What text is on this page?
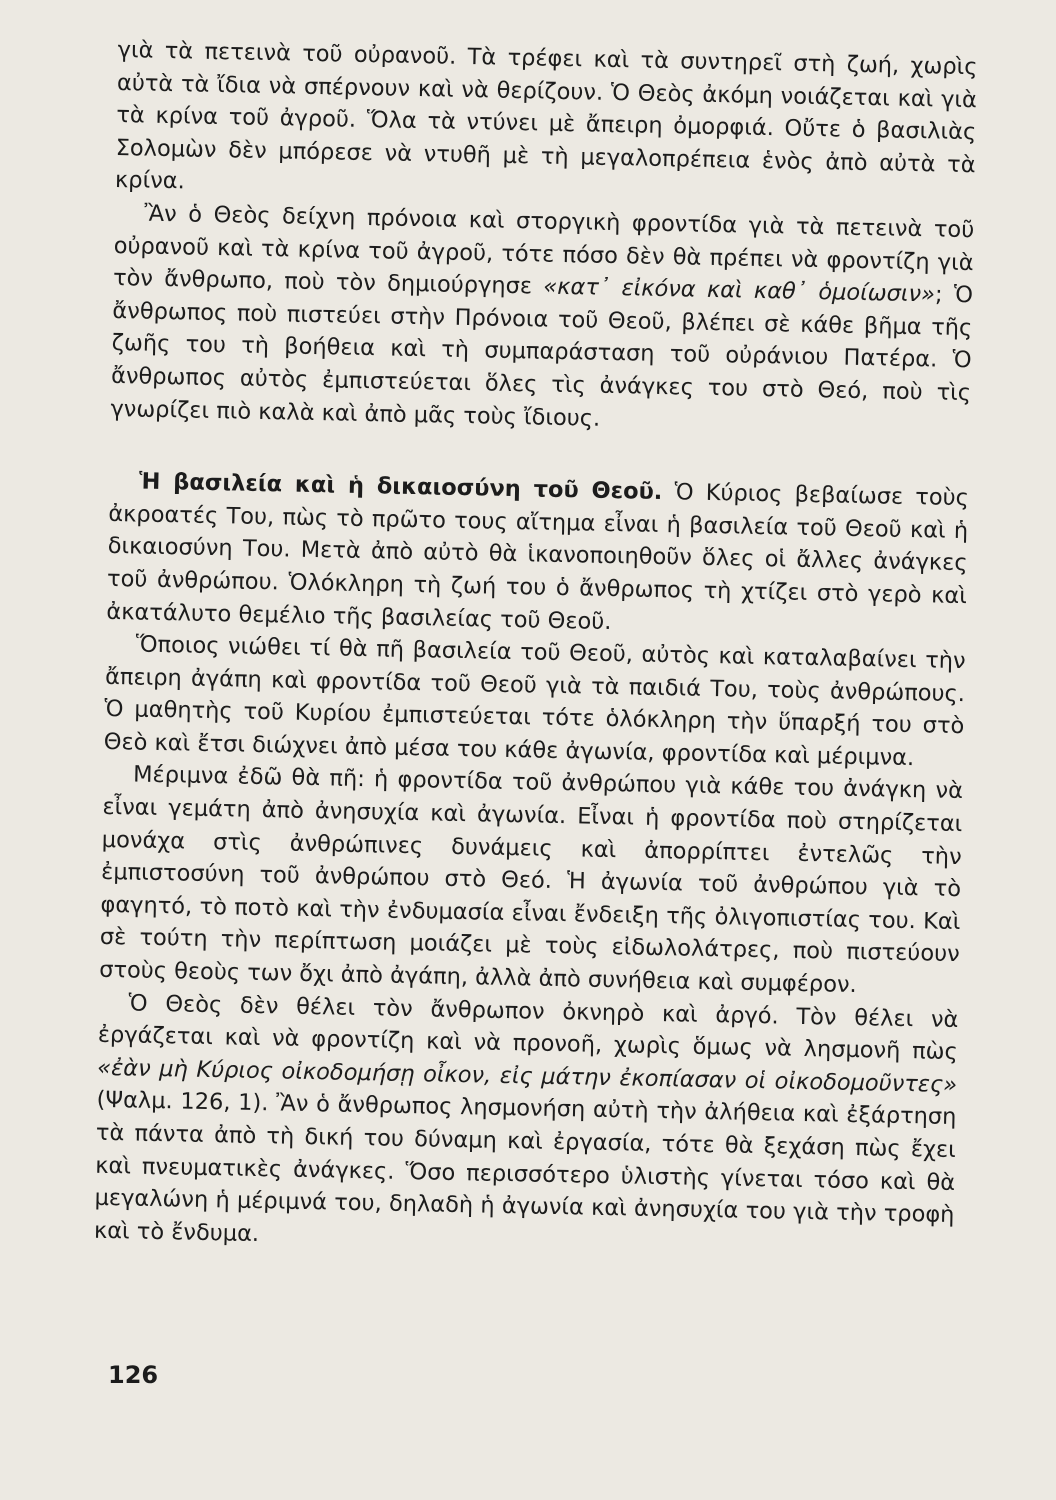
γιὰ τὰ πετεινὰ τοῦ οὐρανοῦ. Τὰ τρέφει καὶ τὰ συντηρεῖ στὴ ζωή, χωρὶς αὐτὰ τὰ ἴδια νὰ σπέρνουν καὶ νὰ θερίζουν. Ὁ Θεὸς ἀκόμη νοιάζεται καὶ γιὰ τὰ κρίνα τοῦ ἀγροῦ. Ὅλα τὰ ντύνει μὲ ἄπειρη ὀμορφιά. Οὔτε ὁ βασιλιὰς Σολομὼν δὲν μπόρεσε νὰ ντυθῆ μὲ τὴ μεγαλοπρέπεια ἑνὸς ἀπὸ αὐτὰ τὰ κρίνα.

Ἂν ὁ Θεὸς δείχνη πρόνοια καὶ στοργικὴ φροντίδα γιὰ τὰ πετεινὰ τοῦ οὐρανοῦ καὶ τὰ κρίνα τοῦ ἀγροῦ, τότε πόσο δὲν θὰ πρέπει νὰ φροντίζη γιὰ τὸν ἄνθρωπο, ποὺ τὸν δημιούργησε «κατ᾽ εἰκόνα καὶ καθ᾽ ὁμοίωσιν»; Ὁ ἄνθρωπος ποὺ πιστεύει στὴν Πρόνοια τοῦ Θεοῦ, βλέπει σὲ κάθε βῆμα τῆς ζωῆς του τὴ βοήθεια καὶ τὴ συμπαράσταση τοῦ οὐράνιου Πατέρα. Ὁ ἄνθρωπος αὐτὸς ἐμπιστεύεται ὅλες τὶς ἀνάγκες του στὸ Θεό, ποὺ τὶς γνωρίζει πιὸ καλὰ καὶ ἀπὸ μᾶς τοὺς ἴδιους.

Ἡ βασιλεία καὶ ἡ δικαιοσύνη τοῦ Θεοῦ. Ὁ Κύριος βεβαίωσε τοὺς ἀκροατές Του, πὼς τὸ πρῶτο τους αἴτημα εἶναι ἡ βασιλεία τοῦ Θεοῦ καὶ ἡ δικαιοσύνη Του. Μετὰ ἀπὸ αὐτὸ θὰ ἱκανοποιηθοῦν ὅλες οἱ ἄλλες ἀνάγκες τοῦ ἀνθρώπου. Ὁλόκληρη τὴ ζωή του ὁ ἄνθρωπος τὴ χτίζει στὸ γερὸ καὶ ἀκατάλυτο θεμέλιο τῆς βασιλείας τοῦ Θεοῦ.

Ὅποιος νιώθει τί θὰ πῆ βασιλεία τοῦ Θεοῦ, αὐτὸς καὶ καταλαβαίνει τὴν ἄπειρη ἀγάπη καὶ φροντίδα τοῦ Θεοῦ γιὰ τὰ παιδιά Του, τοὺς ἀνθρώπους. Ὁ μαθητὴς τοῦ Κυρίου ἐμπιστεύεται τότε ὁλόκληρη τὴν ὕπαρξή του στὸ Θεὸ καὶ ἔτσι διώχνει ἀπὸ μέσα του κάθε ἀγωνία, φροντίδα καὶ μέριμνα.

Μέριμνα ἐδῶ θὰ πῆ: ἡ φροντίδα τοῦ ἀνθρώπου γιὰ κάθε του ἀνάγκη νὰ εἶναι γεμάτη ἀπὸ ἀνησυχία καὶ ἀγωνία. Εἶναι ἡ φροντίδα ποὺ στηρίζεται μονάχα στὶς ἀνθρώπινες δυνάμεις καὶ ἀπορρίπτει ἐντελῶς τὴν ἐμπιστοσύνη τοῦ ἀνθρώπου στὸ Θεό. Ἡ ἀγωνία τοῦ ἀνθρώπου γιὰ τὸ φαγητό, τὸ ποτὸ καὶ τὴν ἐνδυμασία εἶναι ἔνδειξη τῆς ὀλιγοπιστίας του. Καὶ σὲ τούτη τὴν περίπτωση μοιάζει μὲ τοὺς εἰδωλολάτρες, ποὺ πιστεύουν στοὺς θεοὺς των ὄχι ἀπὸ ἀγάπη, ἀλλὰ ἀπὸ συνήθεια καὶ συμφέρον.

Ὁ Θεὸς δὲν θέλει τὸν ἄνθρωπον ὀκνηρὸ καὶ ἀργό. Τὸν θέλει νὰ ἐργάζεται καὶ νὰ φροντίζη καὶ νὰ προνοῆ, χωρὶς ὅμως νὰ λησμονῆ πὼς «ἐὰν μὴ Κύριος οἰκοδομήσῃ οἶκον, εἰς μάτην ἐκοπίασαν οἱ οἰκοδομοῦντες» (Ψαλμ. 126, 1). Ἂν ὁ ἄνθρωπος λησμονήση αὐτὴ τὴν ἀλήθεια καὶ ἐξάρτηση τὰ πάντα ἀπὸ τὴ δική του δύναμη καὶ ἐργασία, τότε θὰ ξεχάση πὼς ἔχει καὶ πνευματικὲς ἀνάγκες. Ὅσο περισσότερο ὑλιστὴς γίνεται τόσο καὶ θὰ μεγαλώνη ἡ μέριμνά του, δηλαδὴ ἡ ἀγωνία καὶ ἀνησυχία του γιὰ τὴν τροφὴ καὶ τὸ ἔνδυμα.

126
